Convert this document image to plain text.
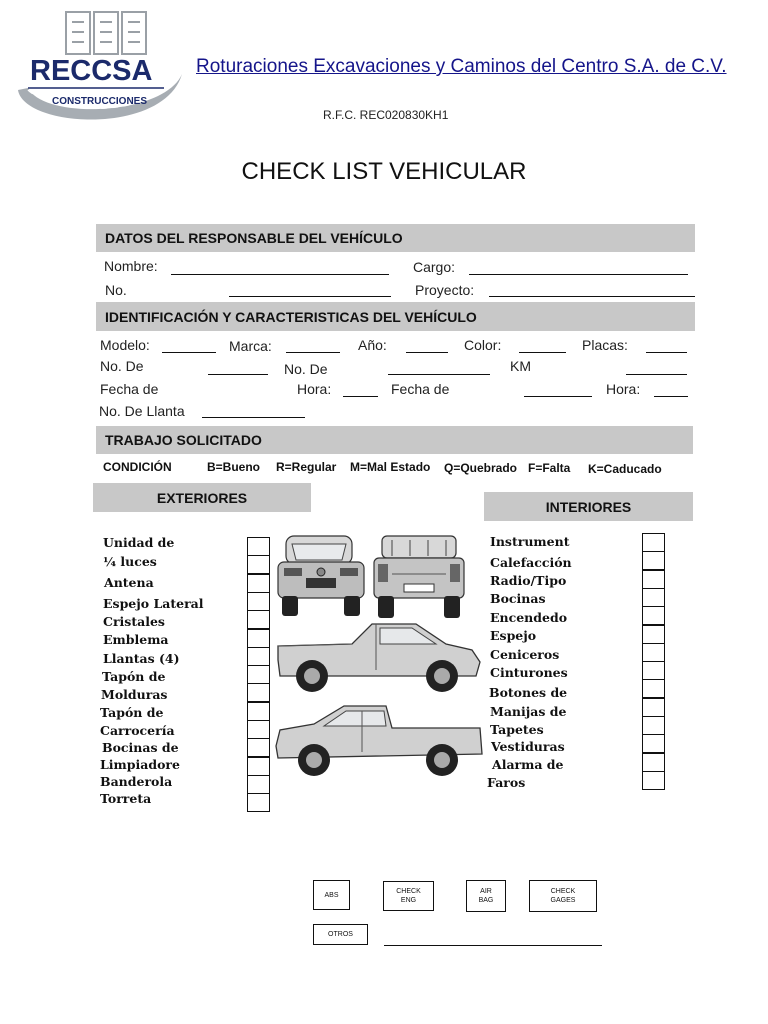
RECCSA
CONSTRUCCIONES
Roturaciones Excavaciones y Caminos del Centro S.A. de C.V.
R.F.C. REC020830KH1
CHECK LIST VEHICULAR
DATOS DEL RESPONSABLE DEL VEHÍCULO
Nombre:	Cargo:
No.	Proyecto:
IDENTIFICACIÓN Y CARACTERISTICAS DEL VEHÍCULO
Modelo:	Marca:	Año:	Color:	Placas:
No. De	No. De	KM
Fecha de	Hora:	Fecha de	Hora:
No. De Llanta
TRABAJO SOLICITADO
CONDICIÓN	B=Bueno R=Regular M=Mal Estado Q=Quebrado F=Falta K=Caducado
EXTERIORES
INTERIORES
Unidad de
¼ luces
Antena
Espejo Lateral
Cristales
Emblema
Llantas (4)
Tapón de
Molduras
Tapón de
Carrocería
Bocinas de
Limpiadore
Banderola
Torreta
Instrument
Calefacción
Radio/Tipo
Bocinas
Encendedo
Espejo
Ceniceros
Cinturones
Botones de
Manijas de
Tapetes
Vestiduras
Alarma de
Faros
ABS	CHECK
ENG
AIR
BAG
CHECK
GAGES
OTROS
